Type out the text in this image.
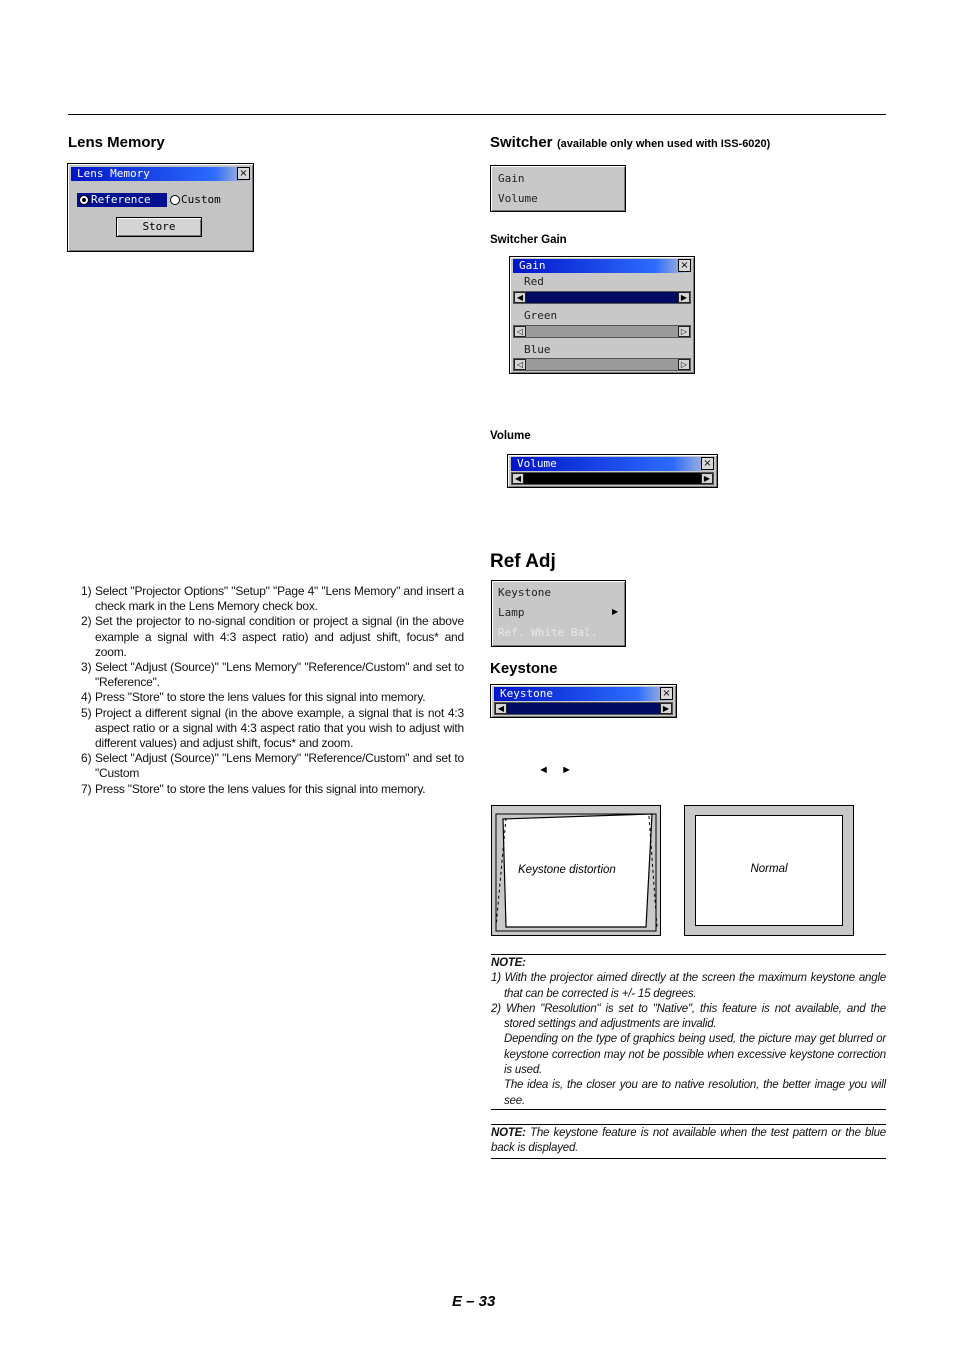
Lens Memory
Lens Memory	×
Reference	Custom
Store
1) Select "Projector Options" "Setup" "Page 4" "Lens Memory" and insert a check mark in the Lens Memory check box.
2) Set the projector to no-signal condition or project a signal (in the above example a signal with 4:3 aspect ratio) and adjust shift, focus* and zoom.
3) Select "Adjust (Source)" "Lens Memory" "Reference/Custom" and set to "Reference".
4) Press "Store" to store the lens values for this signal into memory.
5) Project a different signal (in the above example, a signal that is not 4:3 aspect ratio or a signal with 4:3 aspect ratio that you wish to adjust with different values) and adjust shift, focus* and zoom.
6) Select "Adjust (Source)" "Lens Memory" "Reference/Custom" and set to "Custom
7) Press "Store" to store the lens values for this signal into memory.
Switcher (available only when used with ISS-6020)
Gain
Volume
Switcher Gain
Gain	×
Red
◀	▶
Green
◁	▷
Blue
◁	▷
Volume
Volume	×
◀	▶
Ref Adj
Keystone
Lamp	▶
Ref. White Bal.
Keystone
Keystone	×
◀	▶
◄    ►
Keystone distortion	Normal
NOTE:
1) With the projector aimed directly at the screen the maximum keystone angle that can be corrected is +/- 15 degrees.
2) When "Resolution" is set to "Native", this feature is not available, and the stored settings and adjustments are invalid.
Depending on the type of graphics being used, the picture may get blurred or keystone correction may not be possible when excessive keystone correction is used.
The idea is, the closer you are to native resolution, the better image you will see.
NOTE: The keystone feature is not available when the test pattern or the blue back is displayed.
E – 33
